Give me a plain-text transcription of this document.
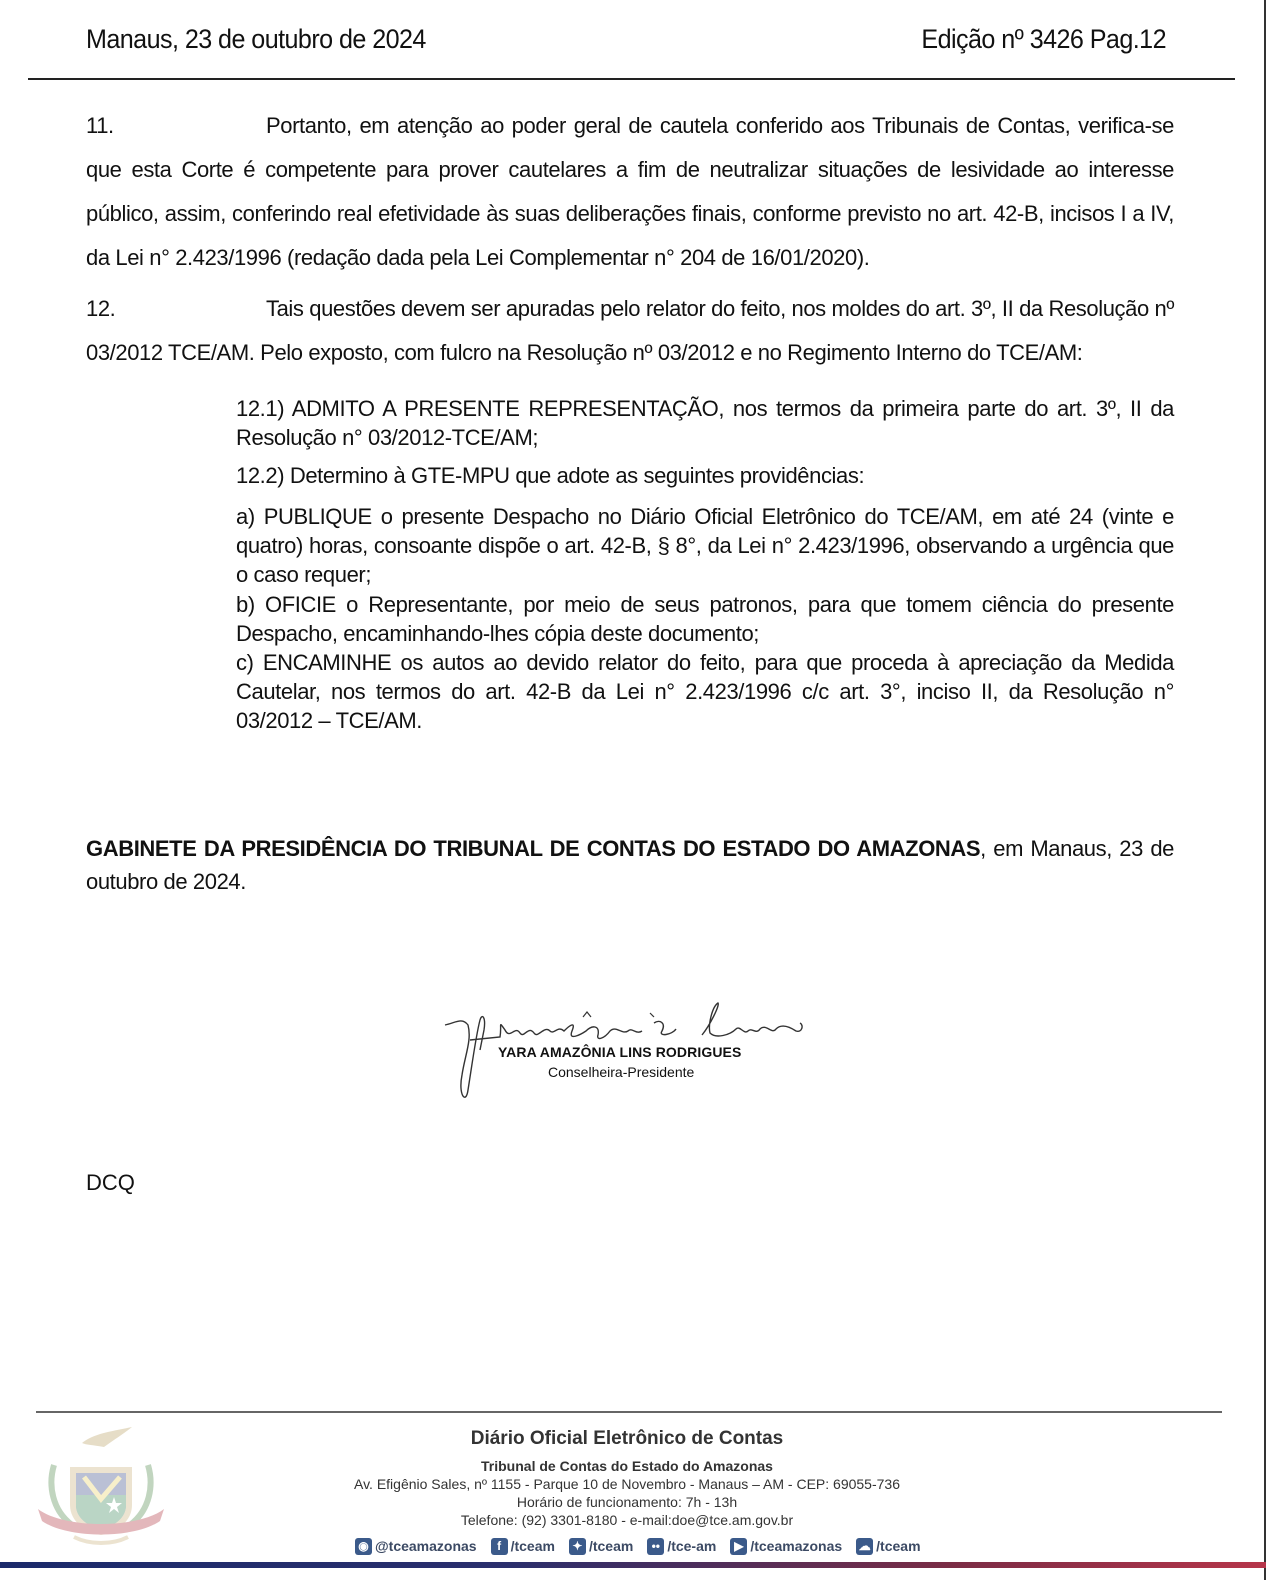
Manaus, 23 de outubro de 2024	Edição nº 3426 Pag.12
11.	Portanto, em atenção ao poder geral de cautela conferido aos Tribunais de Contas, verifica-se que esta Corte é competente para prover cautelares a fim de neutralizar situações de lesividade ao interesse público, assim, conferindo real efetividade às suas deliberações finais, conforme previsto no art. 42-B, incisos I a IV, da Lei n° 2.423/1996 (redação dada pela Lei Complementar n° 204 de 16/01/2020).
12.	Tais questões devem ser apuradas pelo relator do feito, nos moldes do art. 3º, II da Resolução nº 03/2012 TCE/AM. Pelo exposto, com fulcro na Resolução nº 03/2012 e no Regimento Interno do TCE/AM:
12.1) ADMITO A PRESENTE REPRESENTAÇÃO, nos termos da primeira parte do art. 3º, II da Resolução n° 03/2012-TCE/AM;
12.2) Determino à GTE-MPU que adote as seguintes providências:
a) PUBLIQUE o presente Despacho no Diário Oficial Eletrônico do TCE/AM, em até 24 (vinte e quatro) horas, consoante dispõe o art. 42-B, § 8°, da Lei n° 2.423/1996, observando a urgência que o caso requer;
b) OFICIE o Representante, por meio de seus patronos, para que tomem ciência do presente Despacho, encaminhando-lhes cópia deste documento;
c) ENCAMINHE os autos ao devido relator do feito, para que proceda à apreciação da Medida Cautelar, nos termos do art. 42-B da Lei n° 2.423/1996 c/c art. 3°, inciso II, da Resolução n° 03/2012 – TCE/AM.
GABINETE DA PRESIDÊNCIA DO TRIBUNAL DE CONTAS DO ESTADO DO AMAZONAS, em Manaus, 23 de outubro de 2024.
YARA AMAZÔNIA LINS RODRIGUES
Conselheira-Presidente
DCQ
Diário Oficial Eletrônico de Contas
Tribunal de Contas do Estado do Amazonas
Av. Efigênio Sales, nº 1155 - Parque 10 de Novembro - Manaus – AM - CEP: 69055-736
Horário de funcionamento: 7h - 13h
Telefone: (92) 3301-8180 - e-mail:doe@tce.am.gov.br
◉ @tceamazonas	f /tceam ✦ /tceam	•• /tce-am	▶ /tceamazonas ☁ /tceam
